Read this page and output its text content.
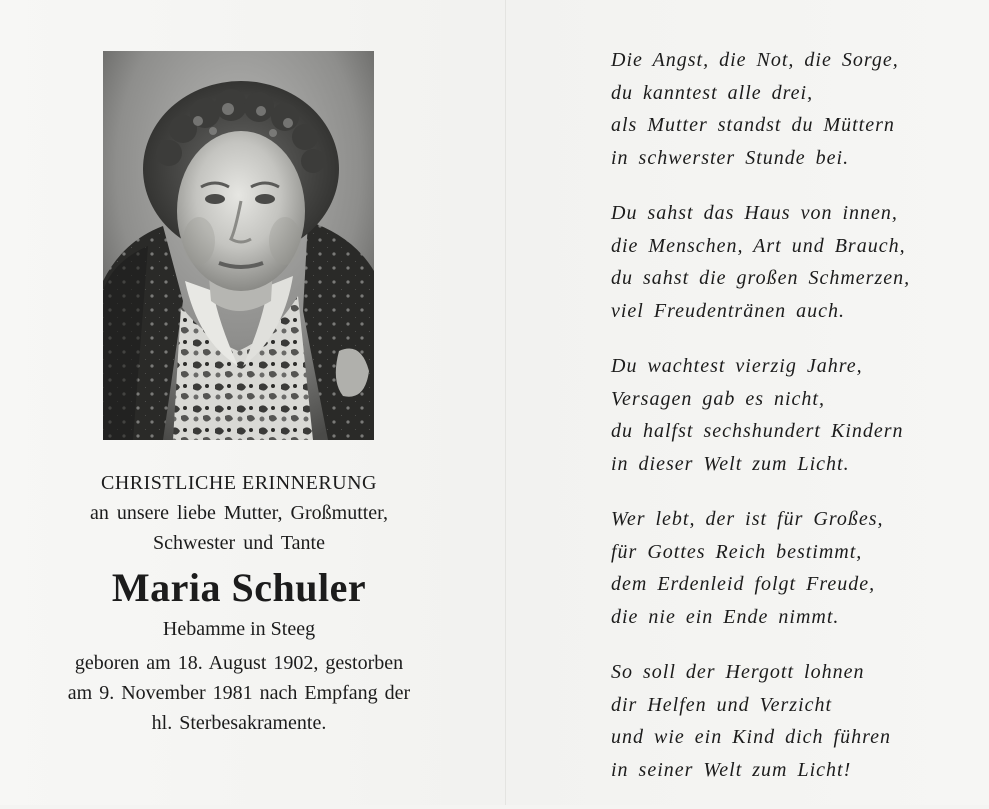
CHRISTLICHE ERINNERUNG

an unsere liebe Mutter, Großmutter,

Schwester und Tante

Maria Schuler

Hebamme in Steeg

geboren am 18. August 1902, gestorben

am 9. November 1981 nach Empfang der

hl. Sterbesakramente.

Die Angst, die Not, die Sorge,
du kanntest alle drei,
als Mutter standst du Müttern
in schwerster Stunde bei.
Du sahst das Haus von innen,
die Menschen, Art und Brauch,
du sahst die großen Schmerzen,
viel Freudentränen auch.
Du wachtest vierzig Jahre,
Versagen gab es nicht,
du halfst sechshundert Kindern
in dieser Welt zum Licht.
Wer lebt, der ist für Großes,
für Gottes Reich bestimmt,
dem Erdenleid folgt Freude,
die nie ein Ende nimmt.
So soll der Hergott lohnen
dir Helfen und Verzicht
und wie ein Kind dich führen
in seiner Welt zum Licht!
